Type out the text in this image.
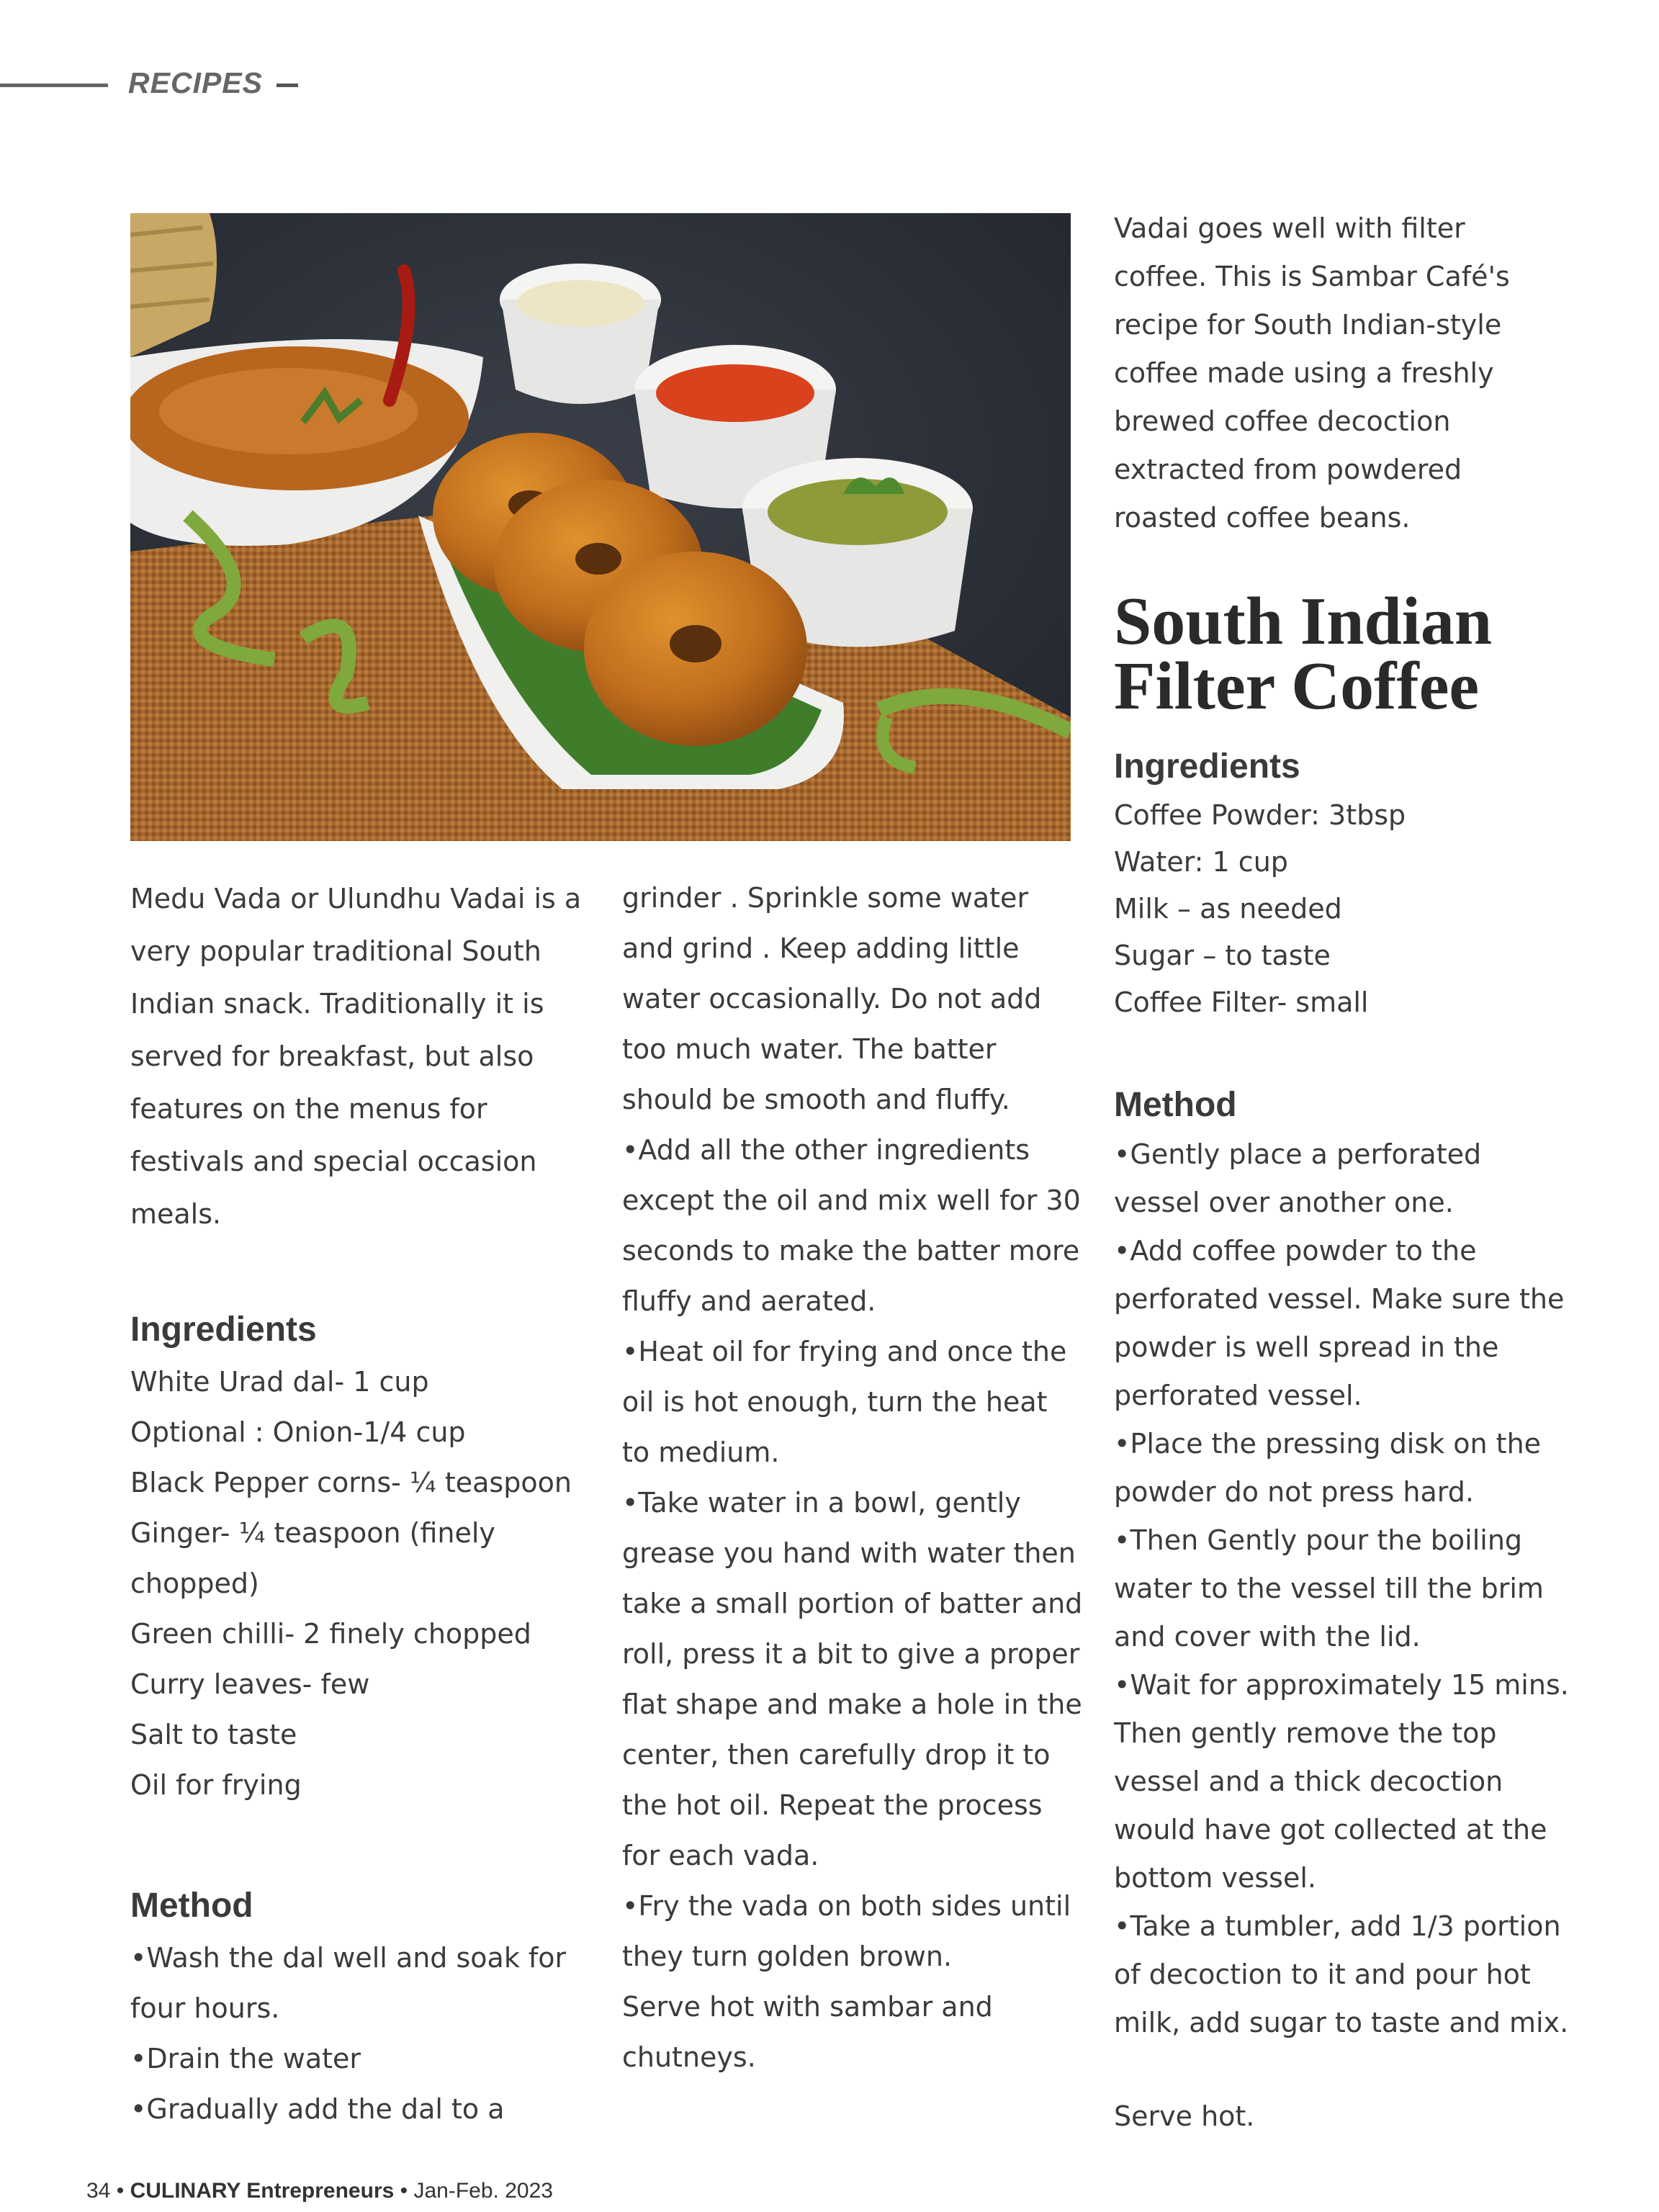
RECIPES

Medu Vada or Ulundhu Vadai is a very popular traditional South Indian snack. Traditionally it is served for breakfast, but also features on the menus for festivals and special occasion meals.

Ingredients

White Urad dal- 1 cup

Optional : Onion-1/4 cup

Black Pepper corns- ¼ teaspoon

Ginger- ¼ teaspoon (finely chopped)

Green chilli- 2 finely chopped

Curry leaves- few

Salt to taste

Oil for frying

Method

•Wash the dal well and soak for four hours.

•Drain the water

•Gradually add the dal to a

grinder . Sprinkle some water and grind . Keep adding little water occasionally. Do not add too much water. The batter should be smooth and fluffy.

•Add all the other ingredients except the oil and mix well for 30 seconds to make the batter more fluffy and aerated.

•Heat oil for frying and once the oil is hot enough, turn the heat to medium.

•Take water in a bowl, gently grease you hand with water then take a small portion of batter and roll, press it a bit to give a proper flat shape and make a hole in the center, then carefully drop it to the hot oil. Repeat the process for each vada.

•Fry the vada on both sides until they turn golden brown.

Serve hot with sambar and chutneys.

Vadai goes well with filter coffee. This is Sambar Café's recipe for South Indian-style coffee made using a freshly brewed coffee decoction extracted from powdered roasted coffee beans.

South Indian
Filter Coffee
Ingredients

Coffee Powder: 3tbsp

Water: 1 cup

Milk – as needed

Sugar – to taste

Coffee Filter- small

Method

•Gently place a perforated vessel over another one.

•Add coffee powder to the perforated vessel. Make sure the powder is well spread in the perforated vessel.

•Place the pressing disk on the powder do not press hard.

•Then Gently pour the boiling water to the vessel till the brim and cover with the lid.

•Wait for approximately 15 mins. Then gently remove the top vessel and a thick decoction would have got collected at the bottom vessel.

•Take a tumbler, add 1/3 portion of decoction to it and pour hot milk, add sugar to taste and mix.

Serve hot.

34 • CULINARY Entrepreneurs • Jan-Feb. 2023
